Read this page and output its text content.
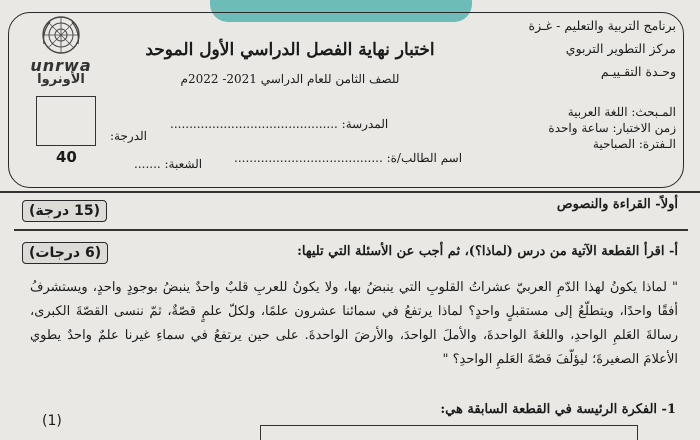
unrwa
الأونروا
برنامج التربية والتعليم - غـزة
مركز التطوير التربوي
وحـدة التقـييـم
اختبار نهاية الفصل الدراسي الأول الموحد
للصف الثامن للعام الدراسي 2021- 2022م
المـبحث: اللغة العربية
زمن الاختبار: ساعة واحدة
الـفترة: الصباحية
المدرسة: ............................................
الدرجة:
40	اسم الطالب/ة: .......................................
الشعبة: .......
أولاً- القراءة والنصوص
(15 درجة)
أ- اقرأ القطعة الآتية من درس (لماذا؟)، ثم أجب عن الأسئلة التي تليها:
(6 درجات)
" لماذا يكونُ لهذا الدّمِ العربيّ عشراتُ القلوبِ التي ينبضُ بها، ولا يكونُ للعربِ قلبٌ واحدٌ ينبضُ بوجودٍ واحدٍ، ويستشرفُ أفقًا واحدًا، ويتطلّعُ إلى مستقبلٍ واحدٍ؟ لماذا يرتفعُ في سمائنا عشرون علمًا، ولكلّ علمٍ قصّةٌ، ثمّ ننسى القصّةَ الكبرى، رسالةَ العَلمِ الواحدِ، واللغةَ الواحدةَ، والأملَ الواحدَ، والأرضَ الواحدةَ. على حين يرتفعُ في سماءِ غيرنا علمٌ واحدٌ يطوي الأعلامَ الصغيرةَ؛ ليؤلّفَ قصّةَ العَلمِ الواحدِ؟ "
1- الفكرة الرئيسة في القطعة السابقة هي:
(1)
